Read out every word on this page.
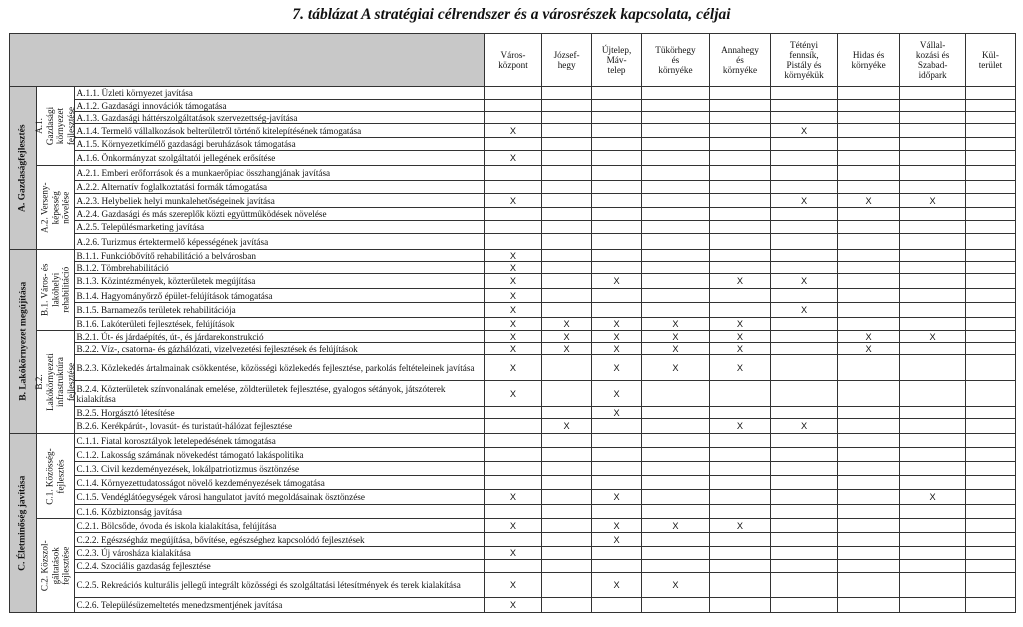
7. táblázat A stratégiai célrendszer és a városrészek kapcsolata, céljai
			Város-
központ	József-
hegy	Újtelep,
Máv-
telep	Tükörhegy
és
környéke	Annahegy
és
környéke	Tétényi
fennsík,
Pistály és
környékük	Hidas és
környéke	Vállal-
kozási és
Szabad-
időpark	Kül-
terület

A. Gazdaságfejlesztés	A.1.
Gazdasági
környezet
fejlesztése	A.1.1. Üzleti környezet javítása									
		A.1.2. Gazdasági innovációk támogatása									
		A.1.3. Gazdasági háttérszolgáltatások szervezettség-javítása									
		A.1.4. Termelő vállalkozások belterületről történő kitelepítésének támogatása	X					X			
		A.1.5. Környezetkímélő gazdasági beruházások támogatása									
		A.1.6. Önkormányzat szolgáltatói jellegének erősítése	X								

	A.2. Verseny-
képesség
növelése	A.2.1. Emberi erőforrások és a munkaerőpiac összhangjának javítása									
		A.2.2. Alternatív foglalkoztatási formák támogatása									
		A.2.3. Helybeliek helyi munkalehetőségeinek javítása	X					X	X	X	
		A.2.4. Gazdasági és más szereplők közti együttműködések növelése									
		A.2.5. Településmarketing javítása									
		A.2.6. Turizmus értektermelő képességének javítása									

B. Lakókörnyezet megújítása	B.1. Város- és
lakóhelyi
rehabilitáció	B.1.1. Funkcióbővítő rehabilitáció a belvárosban	X								
		B.1.2. Tömbrehabilitáció	X								
		B.1.3. Közintézmények, közterületek megújítása	X		X		X	X			
		B.1.4. Hagyományőrző épület-felújítások támogatása	X								
		B.1.5. Barnamezős területek rehabilitációja	X					X			
		B.1.6. Lakóterületi fejlesztések, felújítások	X	X	X	X	X				

	B.2.
Lakókörnyezeti
infrastruktúra
fejlesztése	B.2.1. Út- és járdaépítés, út-, és járdarekonstrukció	X	X	X	X	X		X	X	
		B.2.2. Víz-, csatorna- és gázhálózati, vizelvezetési fejlesztések és felújítások	X	X	X	X	X		X		
		B.2.3. Közlekedés ártalmainak csökkentése, közösségi közlekedés fejlesztése, parkolás feltételeinek javítása	X		X	X	X				
		B.2.4. Közterületek színvonalának emelése, zöldterületek fejlesztése, gyalogos sétányok, játszóterek kialakítása	X		X						
		B.2.5. Horgásztó létesítése			X						
		B.2.6. Kerékpárút-, lovasút- és turistaút-hálózat fejlesztése		X			X	X			

C. Életminőség javítása	C.1. Közösség-
fejlesztés	C.1.1. Fiatal korosztályok letelepedésének támogatása									
		C.1.2. Lakosság számának növekedést támogató lakáspolitika									
		C.1.3. Civil kezdeményezések, lokálpatriotizmus ösztönzése									
		C.1.4. Környezettudatosságot növelő kezdeményezések támogatása									
		C.1.5. Vendéglátóegységek városi hangulatot javító megoldásainak ösztönzése	X		X					X	
		C.1.6. Közbiztonság javítása									

	C.2. Közszol-
gáltatások
fejlesztése	C.2.1. Bölcsőde, óvoda és iskola kialakítása, felújítása	X		X	X	X				
		C.2.2. Egészségház megújítása, bővítése, egészséghez kapcsolódó fejlesztések			X						
		C.2.3. Új városháza kialakítása	X								
		C.2.4. Szociális gazdaság fejlesztése									
		C.2.5. Rekreációs kulturális jellegű integrált közösségi és szolgáltatási létesítmények és terek kialakítása	X		X	X					
		C.2.6. Településüzemeltetés menedzsmentjének javítása	X								
